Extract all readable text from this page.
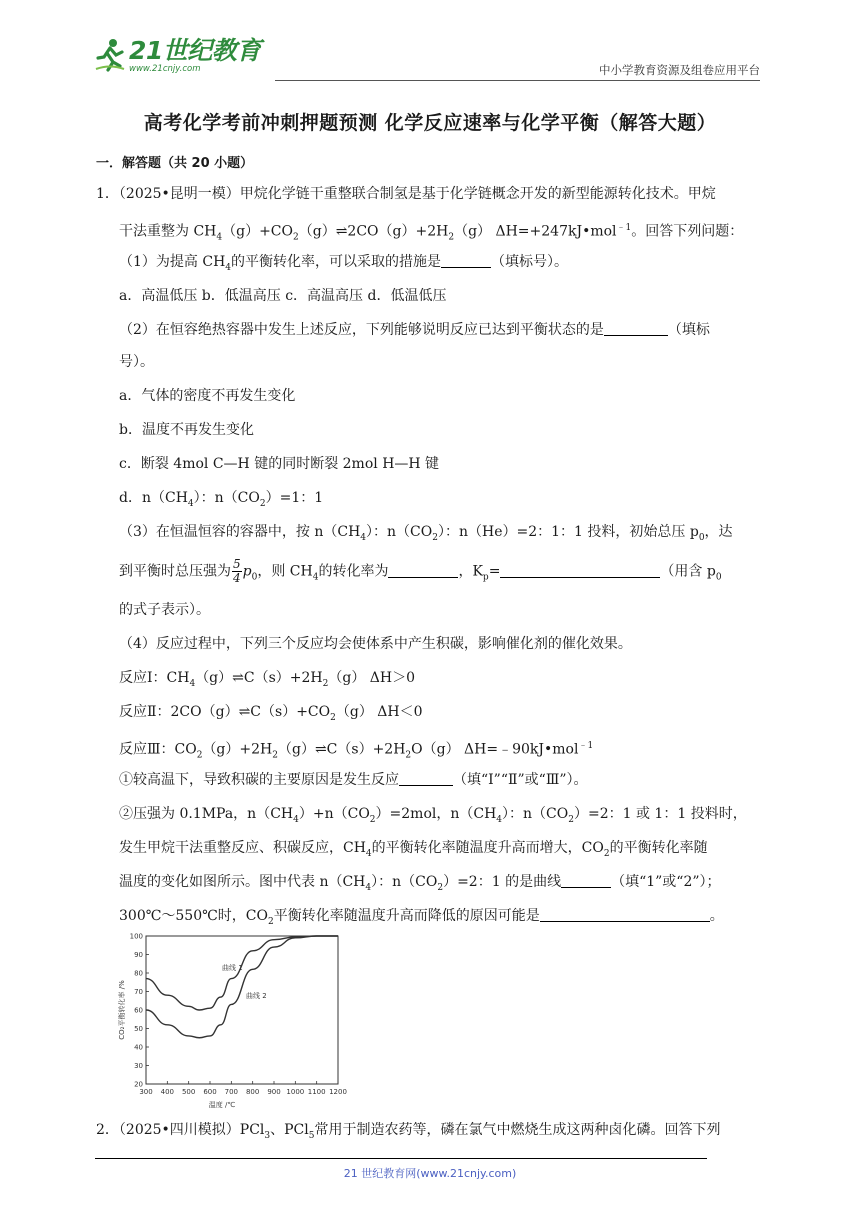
21世纪教育
www.21cnjy.com	中小学教育资源及组卷应用平台
高考化学考前冲刺押题预测 化学反应速率与化学平衡（解答大题）
一．解答题（共 20 小题）
1．（2025•昆明一模）甲烷化学链干重整联合制氢是基于化学链概念开发的新型能源转化技术。甲烷
干法重整为 $CH_4(g)+CO_2(g)\rightleftharpoons 2CO(g)+2H_2(g)$ ΔH=+247kJ•mol$^{﹣1}$。回答下列问题：
（1）为提高 $CH_4$的平衡转化率，可以采取的措施是	（填标号）。
a．高温低压 b．低温高压 c．高温高压 d．低温低压
（2）在恒容绝热容器中发生上述反应，下列能够说明反应已达到平衡状态的是	（填标
号）。
a．气体的密度不再发生变化
b．温度不再发生变化
c．断裂 4mol C—H 键的同时断裂 2mol H—H 键
d．$n(CH_4)$：$n(CO_2)=1$：1
（3）在恒温恒容的容器中，按 $n(CH_4)$：$n(CO_2)$：n（He）=2：1：1 投料，初始总压 $p_0$，达
到平衡时总压强为 $\frac{5}{4} p_0$，则 $CH_4$的转化率为	，$K_p=$	（用含 $p_0$
的式子表示）。
（4）反应过程中，下列三个反应均会使体系中产生积碳，影响催化剂的催化效果。
反应Ⅰ：$CH_4(g)\rightleftharpoons C(s)+2H_2(g)$ ΔH＞0
反应Ⅱ：$2CO(g)\rightleftharpoons C(s)+CO_2(g)$ ΔH＜0
反应Ⅲ：$CO_2(g)+2H_2(g)\rightleftharpoons C(s)+2H_2O(g)$ ΔH=﹣90kJ•mol$^{﹣1}$
①较高温下，导致积碳的主要原因是发生反应	（填“Ⅰ”“Ⅱ”或“Ⅲ”）。
②压强为 0.1MPa，$n(CH_4)+n(CO_2)=2mol$，$n(CH_4)$：$n(CO_2)=2$：1 或 1：1 投料时，
发生甲烷干法重整反应、积碳反应，$CH_4$的平衡转化率随温度升高而增大，$CO_2$的平衡转化率随
温度的变化如图所示。图中代表 $n(CH_4)$：$n(CO_2)=2$：1 的是曲线	（填“1”或“2”）；
300℃～550℃时，$CO_2$平衡转化率随温度升高而降低的原因可能是	。
300 400 500 600 700 800 900 1000 1100 1200
20
30
40
50
60
70
80
90
100
温度 /℃
CO₂平衡转化率 /%
曲线 1
曲线 2
2．（2025•四川模拟）PCl$_3$、PCl$_5$常用于制造农药等，磷在氯气中燃烧生成这两种卤化磷。回答下列
21 世纪教育网(www.21cnjy.com)
